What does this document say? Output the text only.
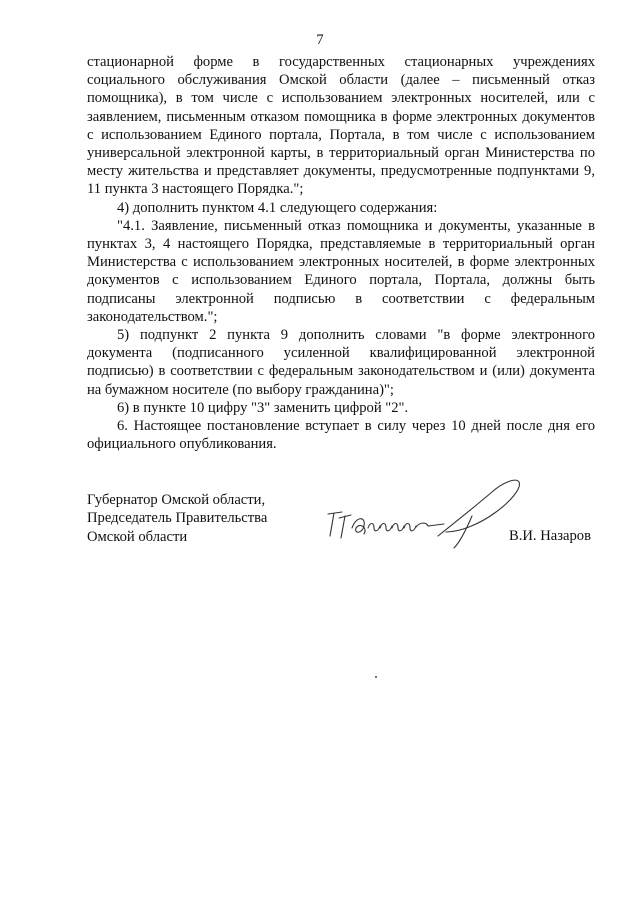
7

стационарной форме в государственных стационарных учреждениях социального обслуживания Омской области (далее – письменный отказ помощника), в том числе с использованием электронных носителей, или с заявлением, письменным отказом помощника в форме электронных документов с использованием Единого портала, Портала, в том числе с использованием универсальной электронной карты, в территориальный орган Министерства по месту жительства и представляет документы, предусмотренные подпунктами 9, 11 пункта 3 настоящего Порядка.";

4) дополнить пунктом 4.1 следующего содержания:

"4.1. Заявление, письменный отказ помощника и документы, указанные в пунктах 3, 4 настоящего Порядка, представляемые в территориальный орган Министерства с использованием электронных носителей, в форме электронных документов с использованием Единого портала, Портала, должны быть подписаны электронной подписью в соответствии с федеральным законодательством.";

5) подпункт 2 пункта 9 дополнить словами "в форме электронного документа (подписанного усиленной квалифицированной электронной подписью) в соответствии с федеральным законодательством и (или) документа на бумажном носителе (по выбору гражданина)";

6) в пункте 10 цифру "3" заменить цифрой "2".

6. Настоящее постановление вступает в силу через 10 дней после дня его официального опубликования.

Губернатор Омской области,
Председатель Правительства
Омской области	В.И. Назаров
